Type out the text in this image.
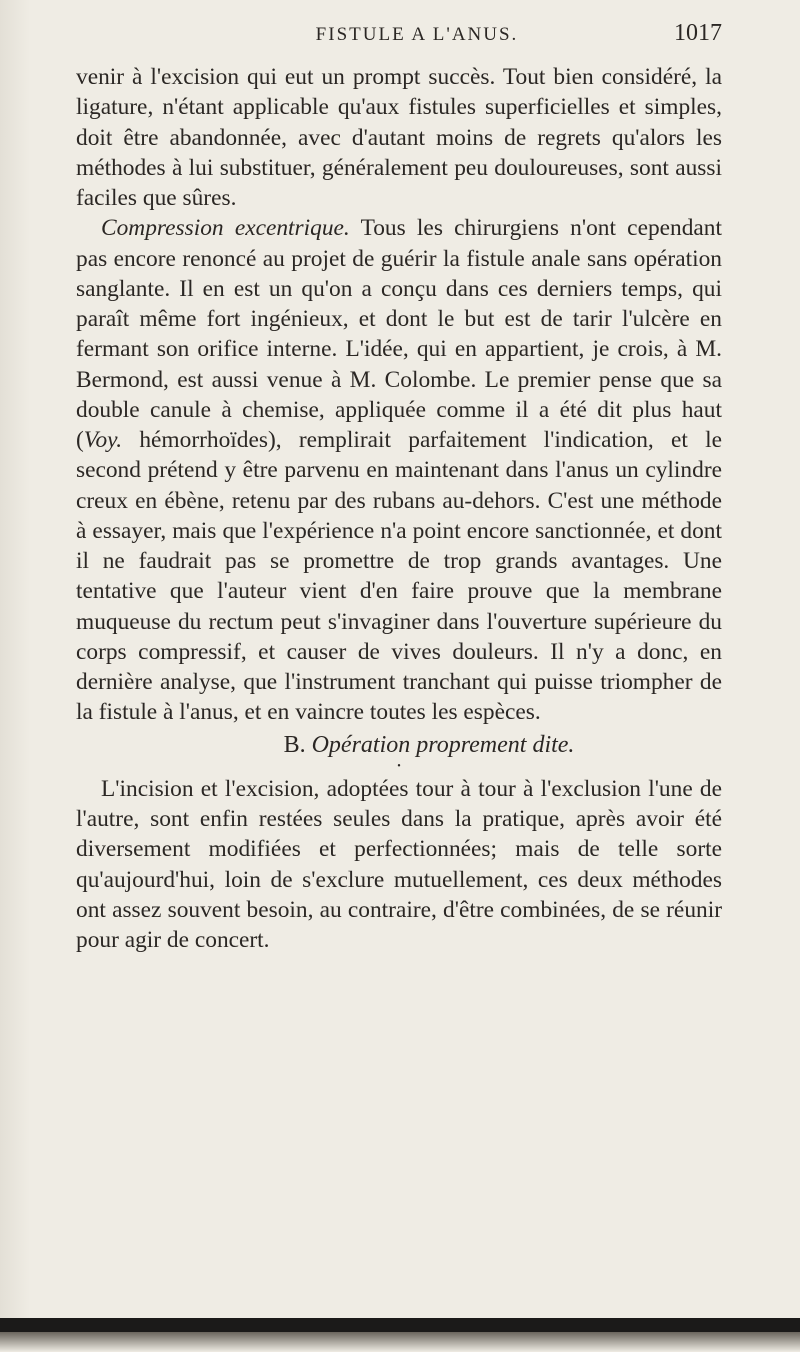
FISTULE A L'ANUS.	1017

venir à l'excision qui eut un prompt succès. Tout bien considéré, la ligature, n'étant applicable qu'aux fistules superficielles et simples, doit être abandonnée, avec d'autant moins de regrets qu'alors les méthodes à lui substituer, généralement peu douloureuses, sont aussi faciles que sûres.

Compression excentrique. Tous les chirurgiens n'ont cependant pas encore renoncé au projet de guérir la fistule anale sans opération sanglante. Il en est un qu'on a conçu dans ces derniers temps, qui paraît même fort ingénieux, et dont le but est de tarir l'ulcère en fermant son orifice interne. L'idée, qui en appartient, je crois, à M. Bermond, est aussi venue à M. Colombe. Le premier pense que sa double canule à chemise, appliquée comme il a été dit plus haut (Voy. hémorrhoïdes), remplirait parfaitement l'indication, et le second prétend y être parvenu en maintenant dans l'anus un cylindre creux en ébène, retenu par des rubans au-dehors. C'est une méthode à essayer, mais que l'expérience n'a point encore sanctionnée, et dont il ne faudrait pas se promettre de trop grands avantages. Une tentative que l'auteur vient d'en faire prouve que la membrane muqueuse du rectum peut s'invaginer dans l'ouverture supérieure du corps compressif, et causer de vives douleurs. Il n'y a donc, en dernière analyse, que l'instrument tranchant qui puisse triompher de la fistule à l'anus, et en vaincre toutes les espèces.

B. Opération proprement dite.

•

L'incision et l'excision, adoptées tour à tour à l'exclusion l'une de l'autre, sont enfin restées seules dans la pratique, après avoir été diversement modifiées et perfectionnées; mais de telle sorte qu'aujourd'hui, loin de s'exclure mutuellement, ces deux méthodes ont assez souvent besoin, au contraire, d'être combinées, de se réunir pour agir de concert.
